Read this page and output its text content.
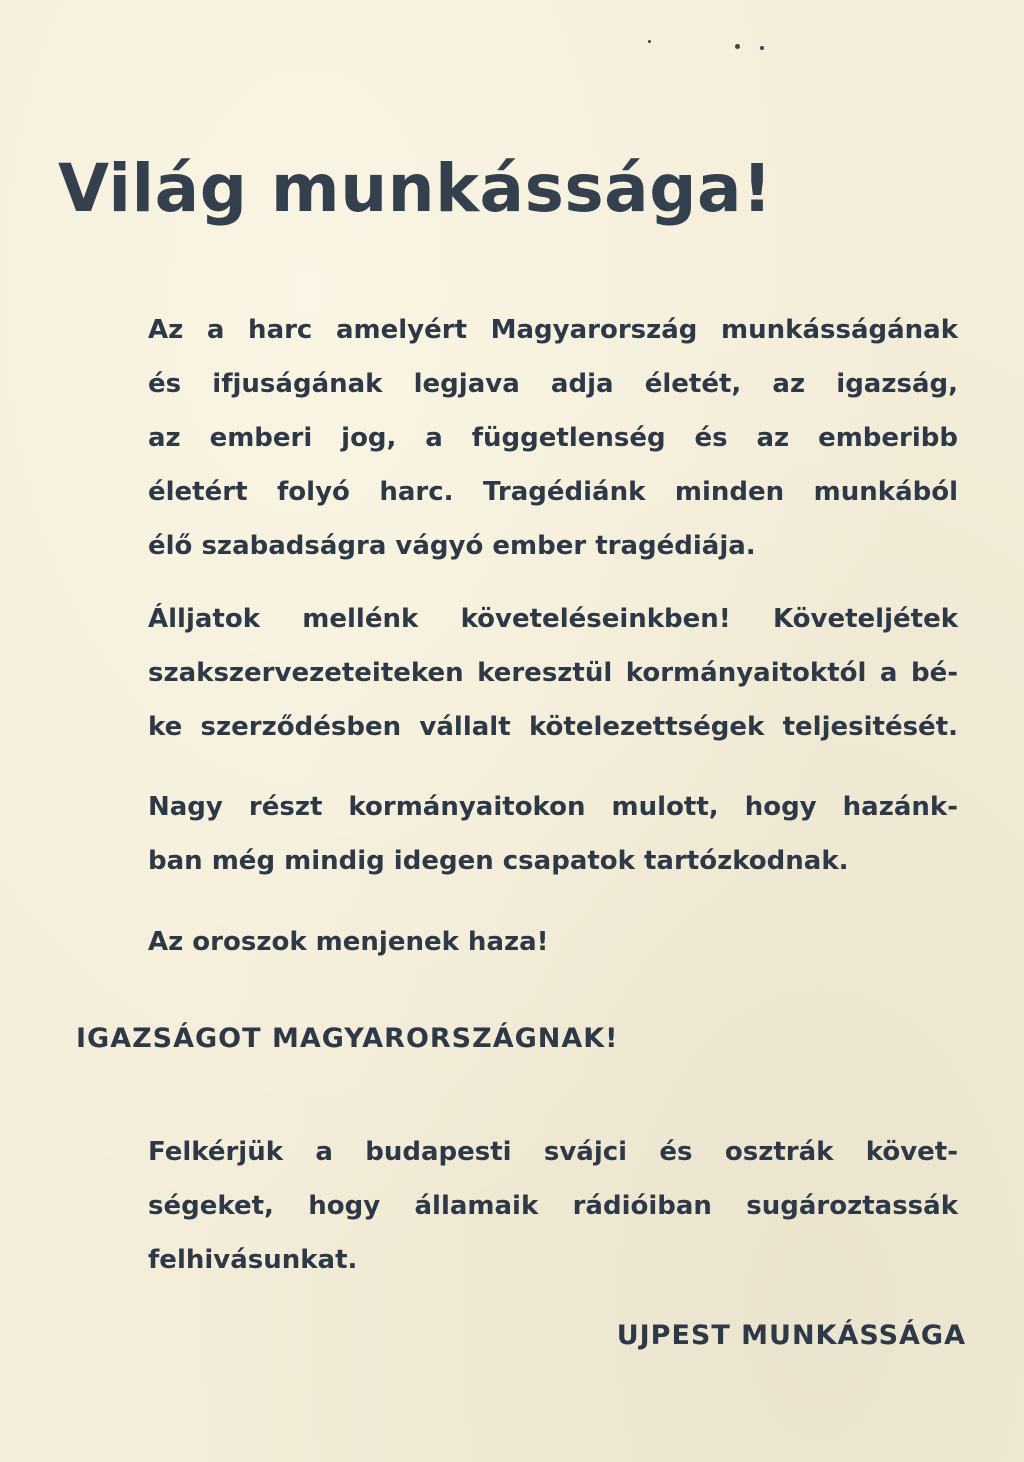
Világ munkássága!
Az a harc amelyért Magyarország munkásságának
és ifjuságának legjava adja életét, az igazság,
az emberi jog, a függetlenség és az emberibb
életért folyó harc. Tragédiánk minden munkából
élő szabadságra vágyó ember tragédiája.
Álljatok mellénk követeléseinkben! Követeljétek
szakszervezeteiteken keresztül kormányaitoktól a bé-
ke szerződésben vállalt kötelezettségek teljesitését.
Nagy részt kormányaitokon mulott, hogy hazánk-
ban még mindig idegen csapatok tartózkodnak.
Az oroszok menjenek haza!
IGAZSÁGOT MAGYARORSZÁGNAK!
Felkérjük a budapesti svájci és osztrák követ-
ségeket, hogy államaik rádióiban sugároztassák
felhivásunkat.
UJPEST MUNKÁSSÁGA
